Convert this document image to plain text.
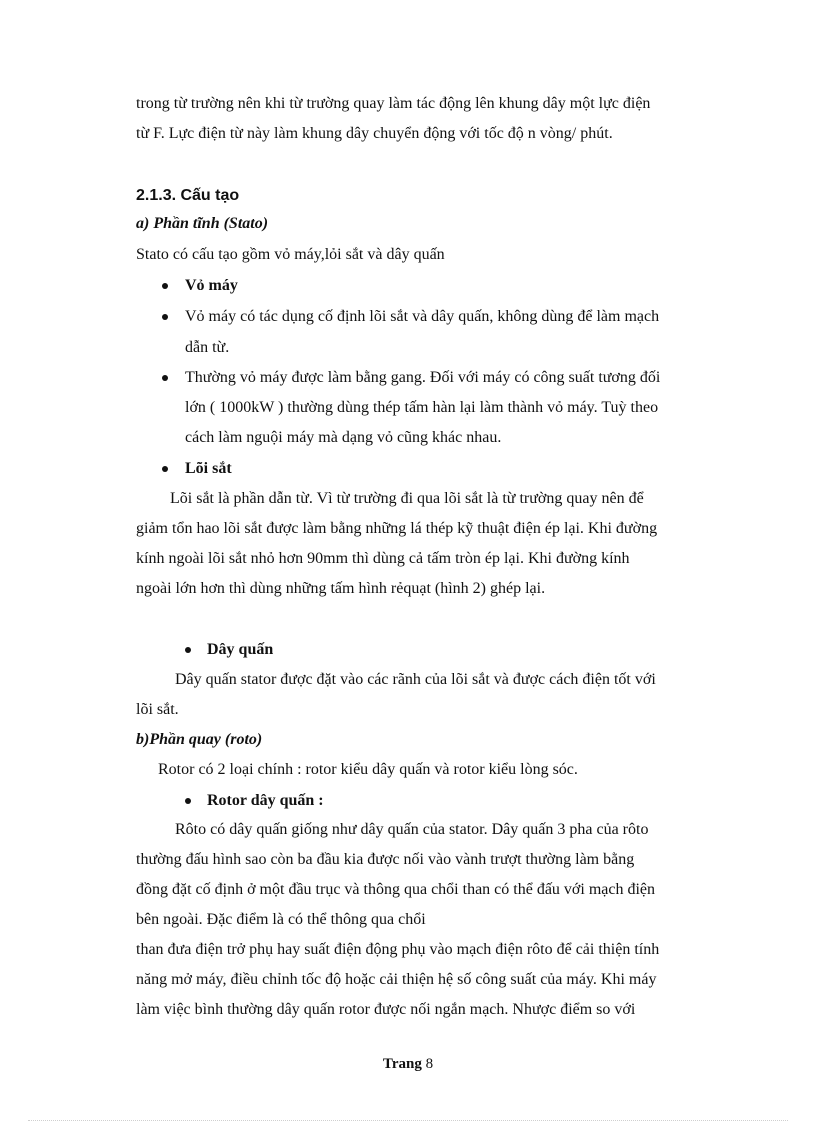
trong từ trường nên khi từ trường quay làm tác động lên khung dây một lực điện
từ F. Lực điện từ này làm khung dây chuyển động với tốc độ n vòng/ phút.
2.1.3. Cấu tạo
a) Phần tĩnh (Stato)
Stato có cấu tạo gồm vỏ máy,lỏi sắt và dây quấn
Vỏ máy
Vỏ máy có tác dụng cố định lõi sắt và dây quấn, không dùng để làm mạch
dẫn từ.
Thường vỏ máy được làm bằng gang. Đối với máy có công suất tương đối
lớn ( 1000kW ) thường dùng thép tấm hàn lại làm thành vỏ máy. Tuỳ theo
cách làm nguội máy mà dạng vỏ cũng khác nhau.
Lõi sắt
Lõi sắt là phần dẫn từ. Vì từ trường đi qua lõi sắt là từ trường quay nên để
giảm tổn hao lõi sắt được làm bằng những lá thép kỹ thuật điện ép lại. Khi đường
kính ngoài lõi sắt nhỏ hơn 90mm thì dùng cả tấm tròn ép lại. Khi đường kính
ngoài lớn hơn thì dùng những tấm hình rẻquạt (hình 2) ghép lại.
Dây quấn
Dây quấn stator được đặt vào các rãnh của lõi sắt và được cách điện tốt với
lõi sắt.
b)Phần quay (roto)
Rotor có 2 loại chính : rotor kiểu dây quấn và rotor kiểu lòng sóc.
Rotor dây quấn :
Rôto có dây quấn giống như dây quấn của stator. Dây quấn 3 pha của rôto
thường đấu hình sao còn ba đầu kia được nối vào vành trượt thường làm bằng
đồng đặt cố định ở một đầu trục và thông qua chổi than có thể đấu với mạch điện
bên ngoài. Đặc điểm là có thể thông qua chổi
than đưa điện trở phụ hay suất điện động phụ vào mạch điện rôto để cải thiện tính
năng mở máy, điều chỉnh tốc độ hoặc cải thiện hệ số công suất của máy. Khi máy
làm việc bình thường dây quấn rotor được nối ngắn mạch. Nhược điểm so với
Trang 8
